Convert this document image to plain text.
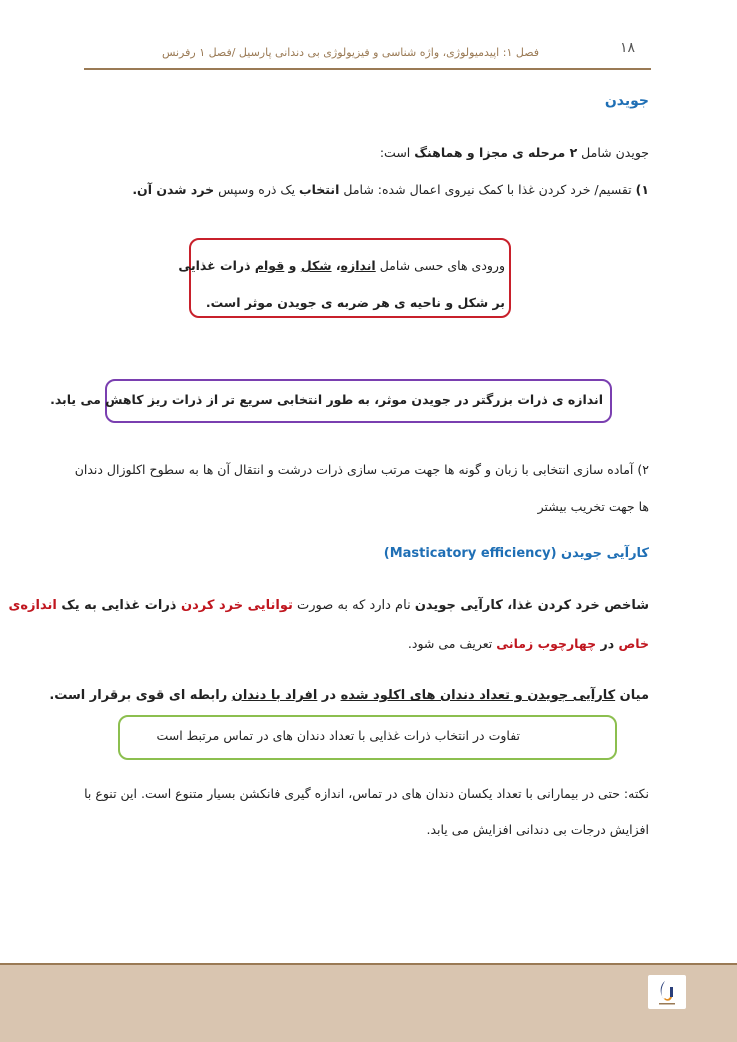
۱۸
فصل ۱: اپیدمیولوژی، واژه شناسی و فیزیولوژی بی دندانی پارسیل /فصل ۱ رفرنس
جویدن
جویدن شامل ۲ مرحله ی مجزا و هماهنگ است:
۱) تقسیم/ خرد کردن غذا با کمک نیروی اعمال شده: شامل انتخاب یک ذره وسپس خرد شدن آن.
ورودی های حسی شامل اندازه، شکل و قوام ذرات غذایی
بر شکل و ناحیه ی هر ضربه ی جویدن موثر است.
اندازه ی ذرات بزرگتر در جویدن موثر، به طور انتخابی سریع تر از ذرات ریز کاهش می یابد.
۲) آماده سازی انتخابی با زبان و گونه ها جهت مرتب سازی ذرات درشت و انتقال آن ها به سطوح اکلوزال دندان
ها جهت تخریب بیشتر
کارآیی جویدن (Masticatory efficiency)
شاخص خرد کردن غذا، کارآیی جویدن نام دارد که به صورت توانایی خرد کردن ذرات غذایی به یک اندازه‌ی
خاص در چهارچوب زمانی تعریف می شود.
میان کارآیی جویدن و تعداد دندان های اکلود شده در افراد با دندان رابطه ای قوی برقرار است.
تفاوت در انتخاب ذرات غذایی با تعداد دندان های در تماس مرتبط است
نکته: حتی در بیمارانی با تعداد یکسان دندان های در تماس، اندازه گیری فانکشن بسیار متنوع است. این تنوع با
افزایش درجات بی دندانی افزایش می یابد.
